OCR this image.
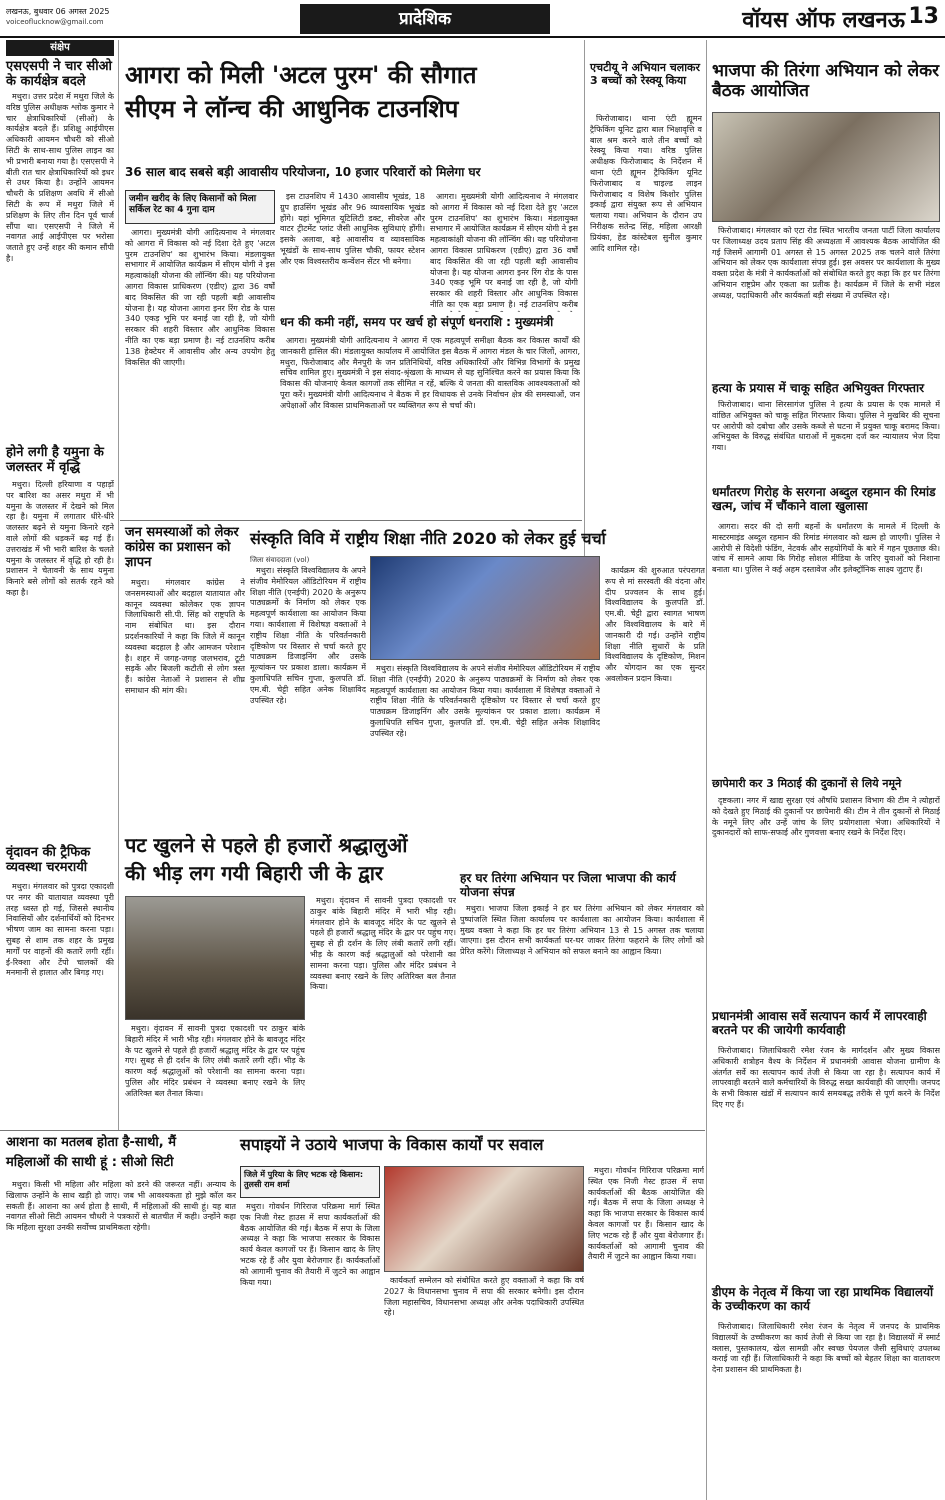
लखनऊ, बुधवार 06 अगस्त 2025
voiceoflucknow@gmail.com	प्रादेशिक	वॉयस ऑफ लखनऊ 13
संक्षेप
एसएसपी ने चार सीओ के कार्यक्षेत्र बदले

मथुरा। उत्तर प्रदेश में मथुरा जिले के वरिष्ठ पुलिस अधीक्षक श्लोक कुमार ने चार क्षेत्राधिकारियों (सीओ) के कार्यक्षेत्र बदले हैं। प्रशिक्षु आईपीएस अधिकारी आयमन चौधरी को सीओ सिटी के साथ-साथ पुलिस लाइन का भी प्रभारी बनाया गया है। एसएसपी ने बीती रात चार क्षेत्राधिकारियों को इधर से उधर किया है। उन्होंने आयमन चौधरी के प्रशिक्षण अवधि में सीओ सिटी के रूप में मथुरा जिले में प्रशिक्षण के लिए तीन दिन पूर्व चार्ज सौंपा था। एसएसपी ने जिले में नवागत आई आईपीएस पर भरोसा जताते हुए उन्हें शहर की कमान सौंपी है।

होने लगी है यमुना के जलस्तर में वृद्धि

मथुरा। दिल्ली हरियाणा व पहाड़ों पर बारिश का असर मथुरा में भी यमुना के जलस्तर में देखने को मिल रहा है। यमुना में लगातार धीरे-धीरे जलस्तर बढ़ने से यमुना किनारे रहने वाले लोगों की धड़कनें बढ़ गई हैं। उत्तराखंड में भी भारी बारिश के चलते यमुना के जलस्तर में वृद्धि हो रही है। प्रशासन ने चेतावनी के साथ यमुना किनारे बसे लोगों को सतर्क रहने को कहा है।

वृंदावन की ट्रैफिक व्यवस्था चरमरायी

मथुरा। मंगलवार को पुत्रदा एकादशी पर नगर की यातायात व्यवस्था पूरी तरह ध्वस्त हो गई, जिससे स्थानीय निवासियों और दर्शनार्थियों को दिनभर भीषण जाम का सामना करना पड़ा। सुबह से शाम तक शहर के प्रमुख मार्गों पर वाहनों की कतारें लगी रहीं। ई-रिक्शा और टेंपो चालकों की मनमानी से हालात और बिगड़ गए।

आगरा को मिली 'अटल पुरम' की सौगात
सीएम ने लॉन्च की आधुनिक टाउनशिप
36 साल बाद सबसे बड़ी आवासीय परियोजना, 10 हजार परिवारों को मिलेगा घर
जमीन खरीद के लिए किसानों को मिला सर्किल रेट का 4 गुना दाम

आगरा। मुख्यमंत्री योगी आदित्यनाथ ने मंगलवार को आगरा में विकास को नई दिशा देते हुए 'अटल पुरम टाउनशिप' का शुभारंभ किया। मंडलायुक्त सभागार में आयोजित कार्यक्रम में सीएम योगी ने इस महत्वाकांक्षी योजना की लॉन्चिंग की। यह परियोजना आगरा विकास प्राधिकरण (एडीए) द्वारा 36 वर्षों बाद विकसित की जा रही पहली बड़ी आवासीय योजना है। यह योजना आगरा इनर रिंग रोड के पास 340 एकड़ भूमि पर बनाई जा रही है, जो योगी सरकार की शहरी विस्तार और आधुनिक विकास नीति का एक बड़ा प्रमाण है। नई टाउनशिप करीब 138 हेक्टेयर में आवासीय और अन्य उपयोग हेतु विकसित की जाएगी।

इस टाउनशिप में 1430 आवासीय भूखंड, 18 ग्रुप हाउसिंग भूखंड और 96 व्यावसायिक भूखंड होंगे। यहां भूमिगत यूटिलिटी डक्ट, सीवरेज और वाटर ट्रीटमेंट प्लांट जैसी आधुनिक सुविधाएं होंगी। इसके अलावा, बड़े आवासीय व व्यावसायिक भूखंडों के साथ-साथ पुलिस चौकी, फायर स्टेशन और एक विश्वस्तरीय कन्वेंशन सेंटर भी बनेगा।

आगरा। मुख्यमंत्री योगी आदित्यनाथ ने मंगलवार को आगरा में विकास को नई दिशा देते हुए 'अटल पुरम टाउनशिप' का शुभारंभ किया। मंडलायुक्त सभागार में आयोजित कार्यक्रम में सीएम योगी ने इस महत्वाकांक्षी योजना की लॉन्चिंग की। यह परियोजना आगरा विकास प्राधिकरण (एडीए) द्वारा 36 वर्षों बाद विकसित की जा रही पहली बड़ी आवासीय योजना है। यह योजना आगरा इनर रिंग रोड के पास 340 एकड़ भूमि पर बनाई जा रही है, जो योगी सरकार की शहरी विस्तार और आधुनिक विकास नीति का एक बड़ा प्रमाण है। नई टाउनशिप करीब

धन की कमी नहीं, समय पर खर्च हो संपूर्ण धनराशि : मुख्यमंत्री

आगरा। मुख्यमंत्री योगी आदित्यनाथ ने आगरा में एक महत्वपूर्ण समीक्षा बैठक कर विकास कार्यों की जानकारी हासिल की। मंडलायुक्त कार्यालय में आयोजित इस बैठक में आगरा मंडल के चार जिलों, आगरा, मथुरा, फिरोजाबाद और मैनपुरी के जन प्रतिनिधियों, वरिष्ठ अधिकारियों और विभिन्न विभागों के प्रमुख सचिव शामिल हुए। मुख्यमंत्री ने इस संवाद-श्रृंखला के माध्यम से यह सुनिश्चित करने का प्रयास किया कि विकास की योजनाएं केवल कागजों तक सीमित न रहें, बल्कि ये जनता की वास्तविक आवश्यकताओं को पूरा करें। मुख्यमंत्री योगी आदित्यनाथ ने बैठक में हर विधायक से उनके निर्वाचन क्षेत्र की समस्याओं, जन अपेक्षाओं और विकास प्राथमिकताओं पर व्यक्तिगत रूप से चर्चा की।

एचटीयू ने अभियान चलाकर 3 बच्चों को रेस्क्यू किया

फिरोजाबाद। थाना एंटी ह्यूमन ट्रैफिकिंग यूनिट द्वारा बाल भिक्षावृत्ति व बाल श्रम करने वाले तीन बच्चों को रेस्क्यू किया गया। वरिष्ठ पुलिस अधीक्षक फिरोजाबाद के निर्देशन में थाना एंटी ह्यूमन ट्रैफिकिंग यूनिट फिरोजाबाद व चाइल्ड लाइन फिरोजाबाद व विशेष किशोर पुलिस इकाई द्वारा संयुक्त रूप से अभियान चलाया गया। अभियान के दौरान उप निरीक्षक सतेन्द्र सिंह, महिला आरक्षी प्रियंका, हेड कांस्टेबल सुनील कुमार आदि शामिल रहे।

भाजपा की तिरंगा अभियान को लेकर बैठक आयोजित

फिरोजाबाद। मंगलवार को एटा रोड स्थित भारतीय जनता पार्टी जिला कार्यालय पर जिलाध्यक्ष उदय प्रताप सिंह की अध्यक्षता में आवश्यक बैठक आयोजित की गई जिसमें आगामी 01 अगस्त से 15 अगस्त 2025 तक चलने वाले तिरंगा अभियान को लेकर एक कार्यशाला संपन्न हुई। इस अवसर पर कार्यशाला के मुख्य वक्ता प्रदेश के मंत्री ने कार्यकर्ताओं को संबोधित करते हुए कहा कि हर घर तिरंगा अभियान राष्ट्रप्रेम और एकता का प्रतीक है। कार्यक्रम में जिले के सभी मंडल अध्यक्ष, पदाधिकारी और कार्यकर्ता बड़ी संख्या में उपस्थित रहे।

हत्या के प्रयास में चाकू सहित अभियुक्त गिरफ्तार

फिरोजाबाद। थाना सिरसागंज पुलिस ने हत्या के प्रयास के एक मामले में वांछित अभियुक्त को चाकू सहित गिरफ्तार किया। पुलिस ने मुखबिर की सूचना पर आरोपी को दबोचा और उसके कब्जे से घटना में प्रयुक्त चाकू बरामद किया। अभियुक्त के विरुद्ध संबंधित धाराओं में मुकदमा दर्ज कर न्यायालय भेज दिया गया।

धर्मांतरण गिरोह के सरगना अब्दुल रहमान की रिमांड खत्म, जांच में चौंकाने वाला खुलासा

आगरा। सदर की दो सगी बहनों के धर्मांतरण के मामले में दिल्ली के मास्टरमाइंड अब्दुल रहमान की रिमांड मंगलवार को खत्म हो जाएगी। पुलिस ने आरोपी से विदेशी फंडिंग, नेटवर्क और सहयोगियों के बारे में गहन पूछताछ की। जांच में सामने आया कि गिरोह सोशल मीडिया के जरिए युवाओं को निशाना बनाता था। पुलिस ने कई अहम दस्तावेज और इलेक्ट्रॉनिक साक्ष्य जुटाए हैं।

छापेमारी कर 3 मिठाई की दुकानों से लिये नमूने

दृष्टकला। नगर में खाद्य सुरक्षा एवं औषधि प्रशासन विभाग की टीम ने त्योहारों को देखते हुए मिठाई की दुकानों पर छापेमारी की। टीम ने तीन दुकानों से मिठाई के नमूने लिए और उन्हें जांच के लिए प्रयोगशाला भेजा। अधिकारियों ने दुकानदारों को साफ-सफाई और गुणवत्ता बनाए रखने के निर्देश दिए।

प्रधानमंत्री आवास सर्वे सत्यापन कार्य में लापरवाही बरतने पर की जायेगी कार्यवाही

फिरोजाबाद। जिलाधिकारी रमेश रंजन के मार्गदर्शन और मुख्य विकास अधिकारी शत्रोहन वैश्य के निर्देशन में प्रधानमंत्री आवास योजना ग्रामीण के अंतर्गत सर्वे का सत्यापन कार्य तेजी से किया जा रहा है। सत्यापन कार्य में लापरवाही बरतने वाले कर्मचारियों के विरुद्ध सख्त कार्यवाही की जाएगी। जनपद के सभी विकास खंडों में सत्यापन कार्य समयबद्ध तरीके से पूर्ण करने के निर्देश दिए गए हैं।

डीएम के नेतृत्व में किया जा रहा प्राथमिक विद्यालयों के उच्चीकरण का कार्य

फिरोजाबाद। जिलाधिकारी रमेश रंजन के नेतृत्व में जनपद के प्राथमिक विद्यालयों के उच्चीकरण का कार्य तेजी से किया जा रहा है। विद्यालयों में स्मार्ट क्लास, पुस्तकालय, खेल सामग्री और स्वच्छ पेयजल जैसी सुविधाएं उपलब्ध कराई जा रही हैं। जिलाधिकारी ने कहा कि बच्चों को बेहतर शिक्षा का वातावरण देना प्रशासन की प्राथमिकता है।

जन समस्याओं को लेकर कांग्रेस का प्रशासन को ज्ञापन

मथुरा। मंगलवार कांग्रेस ने जनसमस्याओं और बदहाल यातायात और कानून व्यवस्था कोलेकर एक ज्ञापन जिलाधिकारी सी.पी. सिंह को राष्ट्रपति के नाम संबोधित था। इस दौरान प्रदर्शनकारियों ने कहा कि जिले में कानून व्यवस्था बदहाल है और आमजन परेशान है। शहर में जगह-जगह जलभराव, टूटी सड़कें और बिजली कटौती से लोग त्रस्त हैं। कांग्रेस नेताओं ने प्रशासन से शीघ्र समाधान की मांग की।

संस्कृति विवि में राष्ट्रीय शिक्षा नीति 2020 को लेकर हुई चर्चा
जिला संवाददाता (vol)

मथुरा। संस्कृति विश्वविद्यालय के अपने संजीव मेमोरियल ऑडिटोरियम में राष्ट्रीय शिक्षा नीति (एनईपी) 2020 के अनुरूप पाठ्यक्रमों के निर्माण को लेकर एक महत्वपूर्ण कार्यशाला का आयोजन किया गया। कार्यशाला में विशेषज्ञ वक्ताओं ने राष्ट्रीय शिक्षा नीति के परिवर्तनकारी दृष्टिकोण पर विस्तार से चर्चा करते हुए पाठ्यक्रम डिजाइनिंग और उसके मूल्यांकन पर प्रकाश डाला। कार्यक्रम में कुलाधिपति सचिन गुप्ता, कुलपति डॉ. एम.बी. चेट्टी सहित अनेक शिक्षाविद उपस्थित रहे।

मथुरा। संस्कृति विश्वविद्यालय के अपने संजीव मेमोरियल ऑडिटोरियम में राष्ट्रीय शिक्षा नीति (एनईपी) 2020 के अनुरूप पाठ्यक्रमों के निर्माण को लेकर एक महत्वपूर्ण कार्यशाला का आयोजन किया गया। कार्यशाला में विशेषज्ञ वक्ताओं ने राष्ट्रीय शिक्षा नीति के परिवर्तनकारी दृष्टिकोण पर विस्तार से चर्चा करते हुए पाठ्यक्रम डिजाइनिंग और उसके मूल्यांकन पर प्रकाश डाला। कार्यक्रम में कुलाधिपति सचिन गुप्ता, कुलपति डॉ. एम.बी. चेट्टी सहित अनेक शिक्षाविद उपस्थित रहे।

कार्यक्रम की शुरुआत परंपरागत रूप से मां सरस्वती की वंदना और दीप प्रज्वलन के साथ हुई। विश्वविद्यालय के कुलपति डॉ. एम.बी. चेट्टी द्वारा स्वागत भाषण और विश्वविद्यालय के बारे में जानकारी दी गई। उन्होंने राष्ट्रीय शिक्षा नीति सुधारों के प्रति विश्वविद्यालय के दृष्टिकोण, मिशन और योगदान का एक सुन्दर अवलोकन प्रदान किया।

पट खुलने से पहले ही हजारों श्रद्धालुओं
की भीड़ लग गयी बिहारी जी के द्वार

मथुरा। वृंदावन में सावनी पुत्रदा एकादशी पर ठाकुर बांके बिहारी मंदिर में भारी भीड़ रही। मंगलवार होने के बावजूद मंदिर के पट खुलने से पहले ही हजारों श्रद्धालु मंदिर के द्वार पर पहुंच गए। सुबह से ही दर्शन के लिए लंबी कतारें लगी रहीं। भीड़ के कारण कई श्रद्धालुओं को परेशानी का सामना करना पड़ा। पुलिस और मंदिर प्रबंधन ने व्यवस्था बनाए रखने के लिए अतिरिक्त बल तैनात किया।

मथुरा। वृंदावन में सावनी पुत्रदा एकादशी पर ठाकुर बांके बिहारी मंदिर में भारी भीड़ रही। मंगलवार होने के बावजूद मंदिर के पट खुलने से पहले ही हजारों श्रद्धालु मंदिर के द्वार पर पहुंच गए। सुबह से ही दर्शन के लिए लंबी कतारें लगी रहीं। भीड़ के कारण कई श्रद्धालुओं को परेशानी का सामना करना पड़ा। पुलिस और मंदिर प्रबंधन ने व्यवस्था बनाए रखने के लिए अतिरिक्त बल तैनात किया।

हर घर तिरंगा अभियान पर जिला भाजपा की कार्य योजना संपन्न

मथुरा। भाजपा जिला इकाई ने हर घर तिरंगा अभियान को लेकर मंगलवार को पुष्पांजलि स्थित जिला कार्यालय पर कार्यशाला का आयोजन किया। कार्यशाला में मुख्य वक्ता ने कहा कि हर घर तिरंगा अभियान 13 से 15 अगस्त तक चलाया जाएगा। इस दौरान सभी कार्यकर्ता घर-घर जाकर तिरंगा फहराने के लिए लोगों को प्रेरित करेंगे। जिलाध्यक्ष ने अभियान को सफल बनाने का आह्वान किया।

आशना का मतलब होता है-साथी, मैं
महिलाओं की साथी हूं : सीओ सिटी

मथुरा। किसी भी महिला और महिला को डरने की जरूरत नहीं। अन्याय के खिलाफ उन्होंने के साथ खड़ी हो जाए। जब भी आवश्यकता हो मुझे कॉल कर सकती हैं। आशना का अर्थ होता है साथी, मैं महिलाओं की साथी हूं। यह बात नवागत सीओ सिटी आयमन चौधरी ने पत्रकारों से बातचीत में कही। उन्होंने कहा कि महिला सुरक्षा उनकी सर्वोच्च प्राथमिकता रहेगी।

सपाइयों ने उठाये भाजपा के विकास कार्यों पर सवाल
जिले में पुरिया के लिए भटक रहे किसान: तुलसी राम शर्मा

मथुरा। गोवर्धन गिरिराज परिक्रमा मार्ग स्थित एक निजी गेस्ट हाउस में सपा कार्यकर्ताओं की बैठक आयोजित की गई। बैठक में सपा के जिला अध्यक्ष ने कहा कि भाजपा सरकार के विकास कार्य केवल कागजों पर हैं। किसान खाद के लिए भटक रहे हैं और युवा बेरोजगार हैं। कार्यकर्ताओं को आगामी चुनाव की तैयारी में जुटने का आह्वान किया गया।	कार्यकर्ता सम्मेलन को संबोधित करते हुए वक्ताओं ने कहा कि वर्ष 2027 के विधानसभा चुनाव में सपा की सरकार बनेगी। इस दौरान जिला महासचिव, विधानसभा अध्यक्ष और अनेक पदाधिकारी उपस्थित रहे।

मथुरा। गोवर्धन गिरिराज परिक्रमा मार्ग स्थित एक निजी गेस्ट हाउस में सपा कार्यकर्ताओं की बैठक आयोजित की गई। बैठक में सपा के जिला अध्यक्ष ने कहा कि भाजपा सरकार के विकास कार्य केवल कागजों पर हैं। किसान खाद के लिए भटक रहे हैं और युवा बेरोजगार हैं। कार्यकर्ताओं को आगामी चुनाव की तैयारी में जुटने का आह्वान किया गया।
